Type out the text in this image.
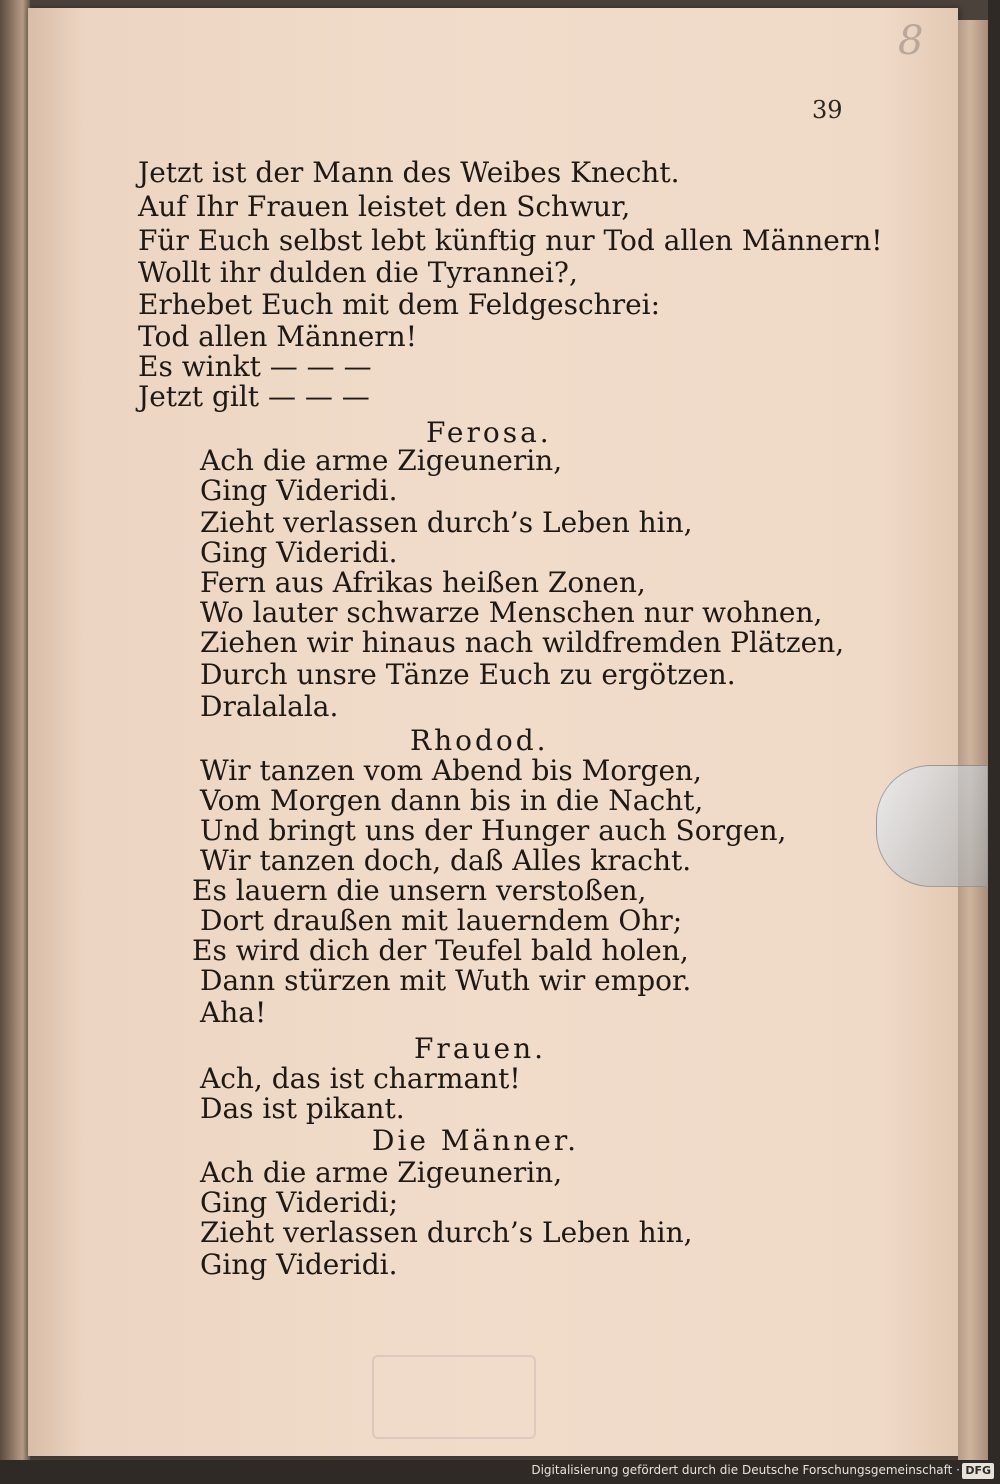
8
39
Jetzt ist der Mann des Weibes Knecht.
Auf Ihr Frauen leistet den Schwur,
Für Euch selbst lebt künftig nur Tod allen Männern!
Wollt ihr dulden die Tyrannei?,
Erhebet Euch mit dem Feldgeschrei:
Tod allen Männern!
Es winkt — — —
Jetzt gilt — — —
Ferosa.
Ach die arme Zigeunerin,
Ging Videridi.
Zieht verlassen durch’s Leben hin,
Ging Videridi.
Fern aus Afrikas heißen Zonen,
Wo lauter schwarze Menschen nur wohnen,
Ziehen wir hinaus nach wildfremden Plätzen,
Durch unsre Tänze Euch zu ergötzen.
Dralalala.
Rhodod.
Wir tanzen vom Abend bis Morgen,
Vom Morgen dann bis in die Nacht,
Und bringt uns der Hunger auch Sorgen,
Wir tanzen doch, daß Alles kracht.
Es lauern die unsern verstoßen,
Dort draußen mit lauerndem Ohr;
Es wird dich der Teufel bald holen,
Dann stürzen mit Wuth wir empor.
Aha!
Frauen.
Ach, das ist charmant!
Das ist pikant.
Die Männer.
Ach die arme Zigeunerin,
Ging Videridi;
Zieht verlassen durch’s Leben hin,
Ging Videridi.
Digitalisierung gefördert durch die Deutsche Forschungsgemeinschaft · DFG
